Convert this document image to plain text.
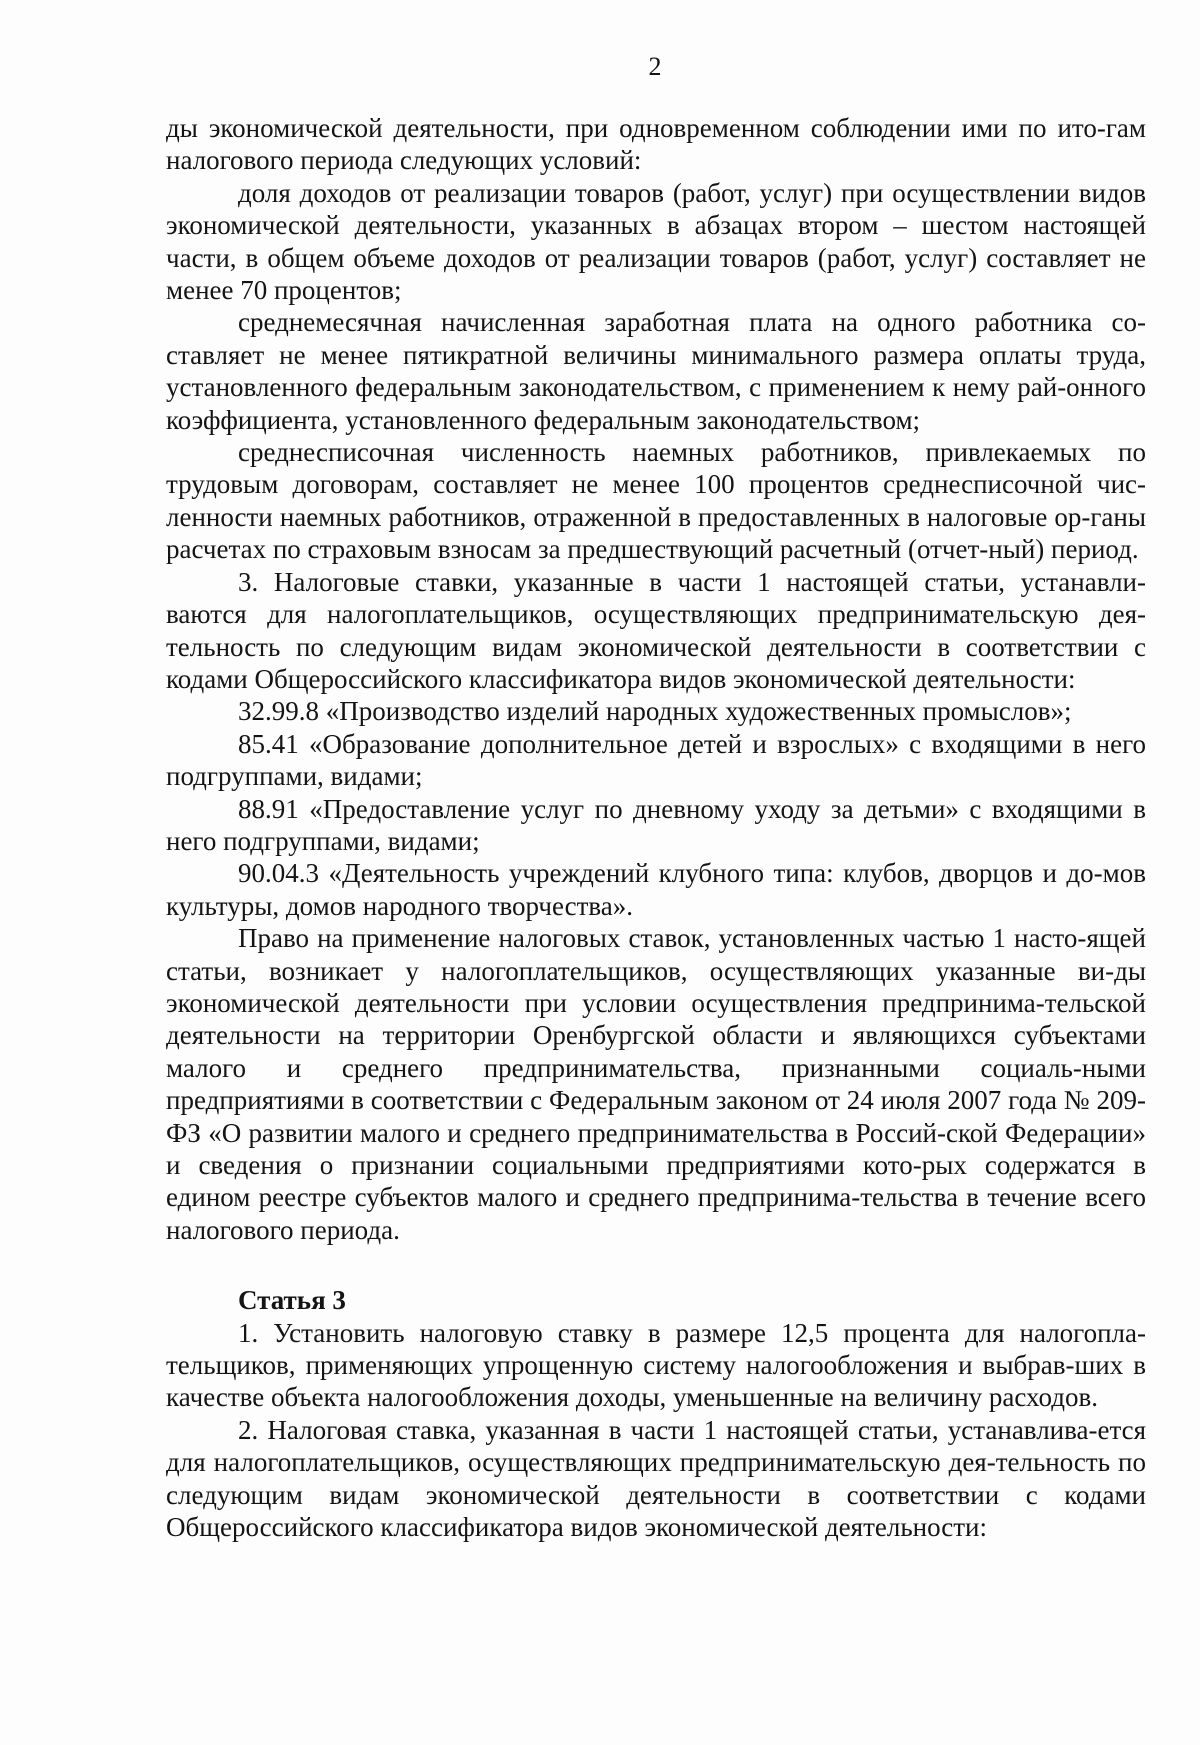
2

ды экономической деятельности, при одновременном соблюдении ими по ито-гам налогового периода следующих условий:

доля доходов от реализации товаров (работ, услуг) при осуществлении видов экономической деятельности, указанных в абзацах втором – шестом настоящей части, в общем объеме доходов от реализации товаров (работ, услуг) составляет не менее 70 процентов;

среднемесячная начисленная заработная плата на одного работника со-ставляет не менее пятикратной величины минимального размера оплаты труда, установленного федеральным законодательством, с применением к нему рай-онного коэффициента, установленного федеральным законодательством;

среднесписочная численность наемных работников, привлекаемых по трудовым договорам, составляет не менее 100 процентов среднесписочной чис-ленности наемных работников, отраженной в предоставленных в налоговые ор-ганы расчетах по страховым взносам за предшествующий расчетный (отчет-ный) период.

3. Налоговые ставки, указанные в части 1 настоящей статьи, устанавли-ваются для налогоплательщиков, осуществляющих предпринимательскую дея-тельность по следующим видам экономической деятельности в соответствии с кодами Общероссийского классификатора видов экономической деятельности:

32.99.8 «Производство изделий народных художественных промыслов»;

85.41 «Образование дополнительное детей и взрослых» с входящими в него подгруппами, видами;

88.91 «Предоставление услуг по дневному уходу за детьми» с входящими в него подгруппами, видами;

90.04.3 «Деятельность учреждений клубного типа: клубов, дворцов и до-мов культуры, домов народного творчества».

Право на применение налоговых ставок, установленных частью 1 насто-ящей статьи, возникает у налогоплательщиков, осуществляющих указанные ви-ды экономической деятельности при условии осуществления предпринима-тельской деятельности на территории Оренбургской области и являющихся субъектами малого и среднего предпринимательства, признанными социаль-ными предприятиями в соответствии с Федеральным законом от 24 июля 2007 года № 209-ФЗ «О развитии малого и среднего предпринимательства в Россий-ской Федерации» и сведения о признании социальными предприятиями кото-рых содержатся в едином реестре субъектов малого и среднего предпринима-тельства в течение всего налогового периода.

Статья 3

1. Установить налоговую ставку в размере 12,5 процента для налогопла-тельщиков, применяющих упрощенную систему налогообложения и выбрав-ших в качестве объекта налогообложения доходы, уменьшенные на величину расходов.

2. Налоговая ставка, указанная в части 1 настоящей статьи, устанавлива-ется для налогоплательщиков, осуществляющих предпринимательскую дея-тельность по следующим видам экономической деятельности в соответствии с кодами Общероссийского классификатора видов экономической деятельности:
